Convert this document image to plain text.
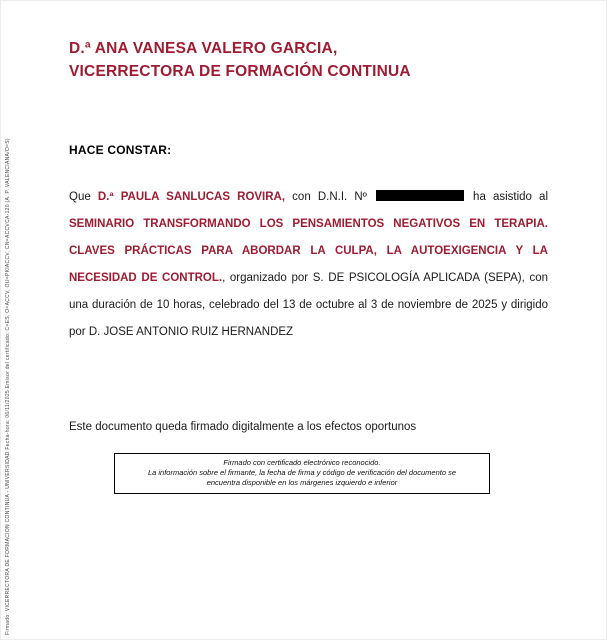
Firmado: VICERRECTORA DE FORMACIÓN CONTINUA - UNIVERSIDAD Fecha-hora: 06/11/2025 Emisor del certificado: C=ES, O=ACCV, OU=PKIACCV, CN=ACCVCA-120 (A. P. VALENCIANA/O=S)
D.ª ANA VANESA VALERO GARCIA,
VICERRECTORA DE FORMACIÓN CONTINUA
HACE CONSTAR:

Que D.ª PAULA SANLUCAS ROVIRA, con D.N.I. Nº	ha asistido al SEMINARIO TRANSFORMANDO LOS PENSAMIENTOS NEGATIVOS EN TERAPIA. CLAVES PRÁCTICAS PARA ABORDAR LA CULPA, LA AUTOEXIGENCIA Y LA NECESIDAD DE CONTROL., organizado por S. DE PSICOLOGÍA APLICADA (SEPA), con una duración de 10 horas, celebrado del 13 de octubre al 3 de noviembre de 2025 y dirigido por D. JOSE ANTONIO RUIZ HERNANDEZ

Este documento queda firmado digitalmente a los efectos oportunos
Firmado con certificado electrónico reconocido.
La información sobre el firmante, la fecha de firma y código de verificación del documento se
encuentra disponible en los márgenes izquierdo e inferior
